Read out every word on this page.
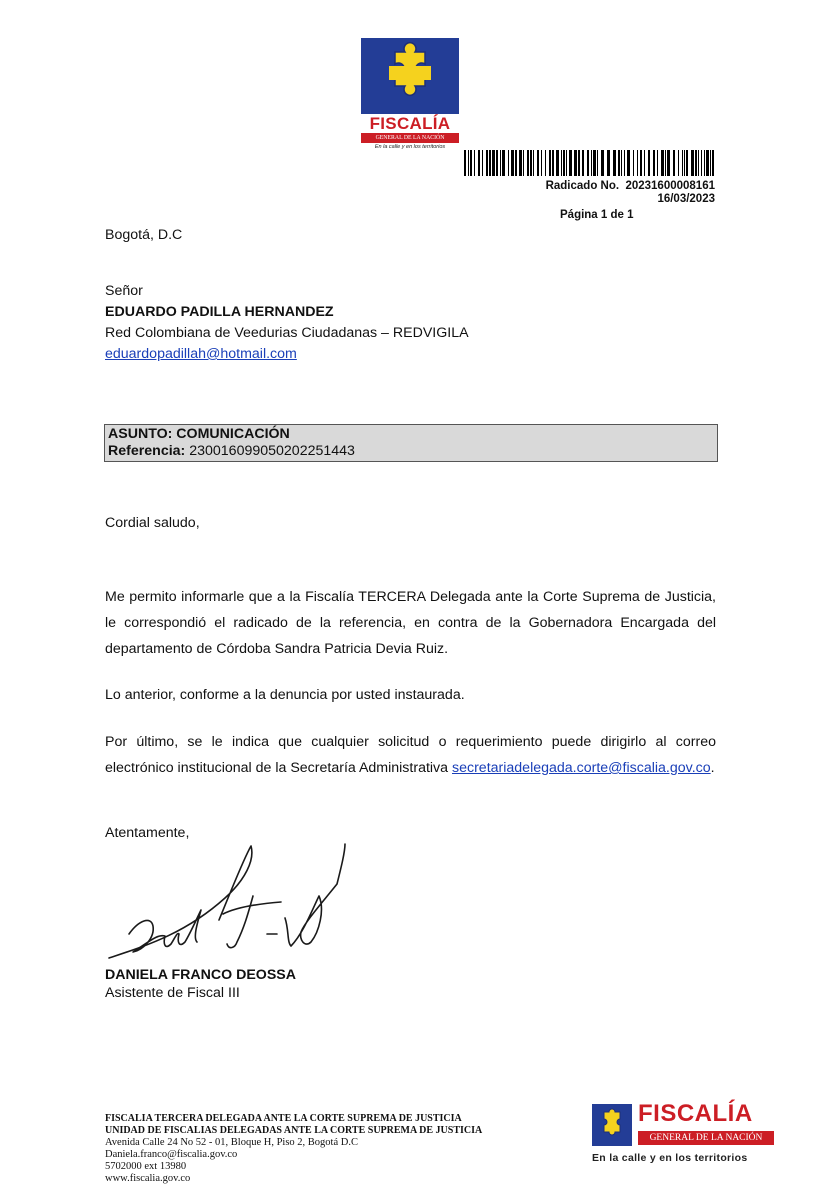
FISCALÍA
GENERAL DE LA NACIÓN
En la calle y en los territorios
Radicado No. 20231600008161
16/03/2023
Página 1 de 1
Bogotá, D.C
Señor
EDUARDO PADILLA HERNANDEZ
Red Colombiana de Veedurias Ciudadanas – REDVIGILA
eduardopadillah@hotmail.com
ASUNTO: COMUNICACIÓN
Referencia: 230016099050202251443
Cordial saludo,
Me permito informarle que a la Fiscalía TERCERA Delegada ante la Corte Suprema de Justicia, le correspondió el radicado de la referencia, en contra de la Gobernadora Encargada del departamento de Córdoba Sandra Patricia Devia Ruiz.
Lo anterior, conforme a la denuncia por usted instaurada.
Por último, se le indica que cualquier solicitud o requerimiento puede dirigirlo al correo electrónico institucional de la Secretaría Administrativa secretariadelegada.corte@fiscalia.gov.co.
Atentamente,
DANIELA FRANCO DEOSSA
Asistente de Fiscal III
FISCALIA TERCERA DELEGADA ANTE LA CORTE SUPREMA DE JUSTICIA
UNIDAD DE FISCALIAS DELEGADAS ANTE LA CORTE SUPREMA DE JUSTICIA
Avenida Calle 24 No 52 - 01, Bloque H, Piso 2, Bogotá D.C
Daniela.franco@fiscalia.gov.co
5702000 ext 13980
www.fiscalia.gov.co
FISCALÍA
GENERAL DE LA NACIÓN
En la calle y en los territorios
